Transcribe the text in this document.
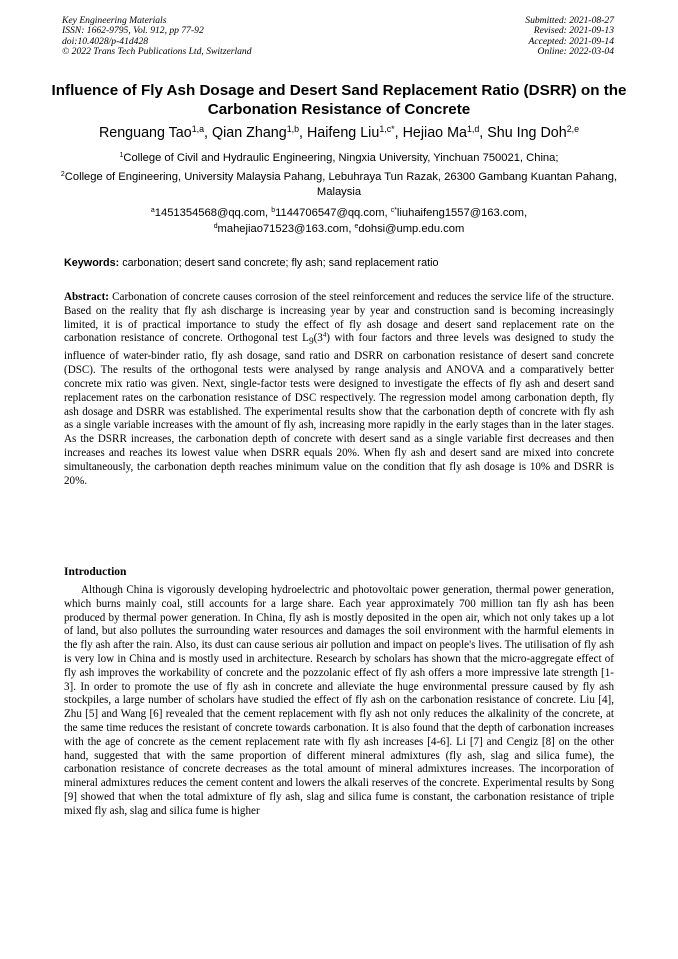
Key Engineering Materials
ISSN: 1662-9795, Vol. 912, pp 77-92
doi:10.4028/p-41d428
© 2022 Trans Tech Publications Ltd, Switzerland
Submitted: 2021-08-27
Revised: 2021-09-13
Accepted: 2021-09-14
Online: 2022-03-04
Influence of Fly Ash Dosage and Desert Sand Replacement Ratio (DSRR) on the Carbonation Resistance of Concrete
Renguang Tao$^{1,a}$, Qian Zhang$^{1,b}$, Haifeng Liu$^{1,c*}$, Hejiao Ma$^{1,d}$, Shu Ing Doh$^{2,e}$
$^1$College of Civil and Hydraulic Engineering, Ningxia University, Yinchuan 750021, China;
$^2$College of Engineering, University Malaysia Pahang, Lebuhraya Tun Razak, 26300 Gambang Kuantan Pahang, Malaysia
$^a$1451354568@qq.com, $^b$1144706547@qq.com, $^{c*}$liuhaifeng1557@163.com,
$^d$mahejiao71523@163.com, $^e$dohsi@ump.edu.com
Keywords: carbonation; desert sand concrete; fly ash; sand replacement ratio
Abstract: Carbonation of concrete causes corrosion of the steel reinforcement and reduces the service life of the structure. Based on the reality that fly ash discharge is increasing year by year and construction sand is becoming increasingly limited, it is of practical importance to study the effect of fly ash dosage and desert sand replacement rate on the carbonation resistance of concrete. Orthogonal test $L_9(3^4)$ with four factors and three levels was designed to study the influence of water-binder ratio, fly ash dosage, sand ratio and DSRR on carbonation resistance of desert sand concrete (DSC). The results of the orthogonal tests were analysed by range analysis and ANOVA and a comparatively better concrete mix ratio was given. Next, single-factor tests were designed to investigate the effects of fly ash and desert sand replacement rates on the carbonation resistance of DSC respectively. The regression model among carbonation depth, fly ash dosage and DSRR was established. The experimental results show that the carbonation depth of concrete with fly ash as a single variable increases with the amount of fly ash, increasing more rapidly in the early stages than in the later stages. As the DSRR increases, the carbonation depth of concrete with desert sand as a single variable first decreases and then increases and reaches its lowest value when DSRR equals 20%. When fly ash and desert sand are mixed into concrete simultaneously, the carbonation depth reaches minimum value on the condition that fly ash dosage is 10% and DSRR is 20%.
Introduction
Although China is vigorously developing hydroelectric and photovoltaic power generation, thermal power generation, which burns mainly coal, still accounts for a large share. Each year approximately 700 million tan fly ash has been produced by thermal power generation. In China, fly ash is mostly deposited in the open air, which not only takes up a lot of land, but also pollutes the surrounding water resources and damages the soil environment with the harmful elements in the fly ash after the rain. Also, its dust can cause serious air pollution and impact on people's lives. The utilisation of fly ash is very low in China and is mostly used in architecture. Research by scholars has shown that the micro-aggregate effect of fly ash improves the workability of concrete and the pozzolanic effect of fly ash offers a more impressive late strength [1-3]. In order to promote the use of fly ash in concrete and alleviate the huge environmental pressure caused by fly ash stockpiles, a large number of scholars have studied the effect of fly ash on the carbonation resistance of concrete. Liu [4], Zhu [5] and Wang [6] revealed that the cement replacement with fly ash not only reduces the alkalinity of the concrete, at the same time reduces the resistant of concrete towards carbonation. It is also found that the depth of carbonation increases with the age of concrete as the cement replacement rate with fly ash increases [4-6]. Li [7] and Cengiz [8] on the other hand, suggested that with the same proportion of different mineral admixtures (fly ash, slag and silica fume), the carbonation resistance of concrete decreases as the total amount of mineral admixtures increases. The incorporation of mineral admixtures reduces the cement content and lowers the alkali reserves of the concrete. Experimental results by Song [9] showed that when the total admixture of fly ash, slag and silica fume is constant, the carbonation resistance of triple mixed fly ash, slag and silica fume is higher
